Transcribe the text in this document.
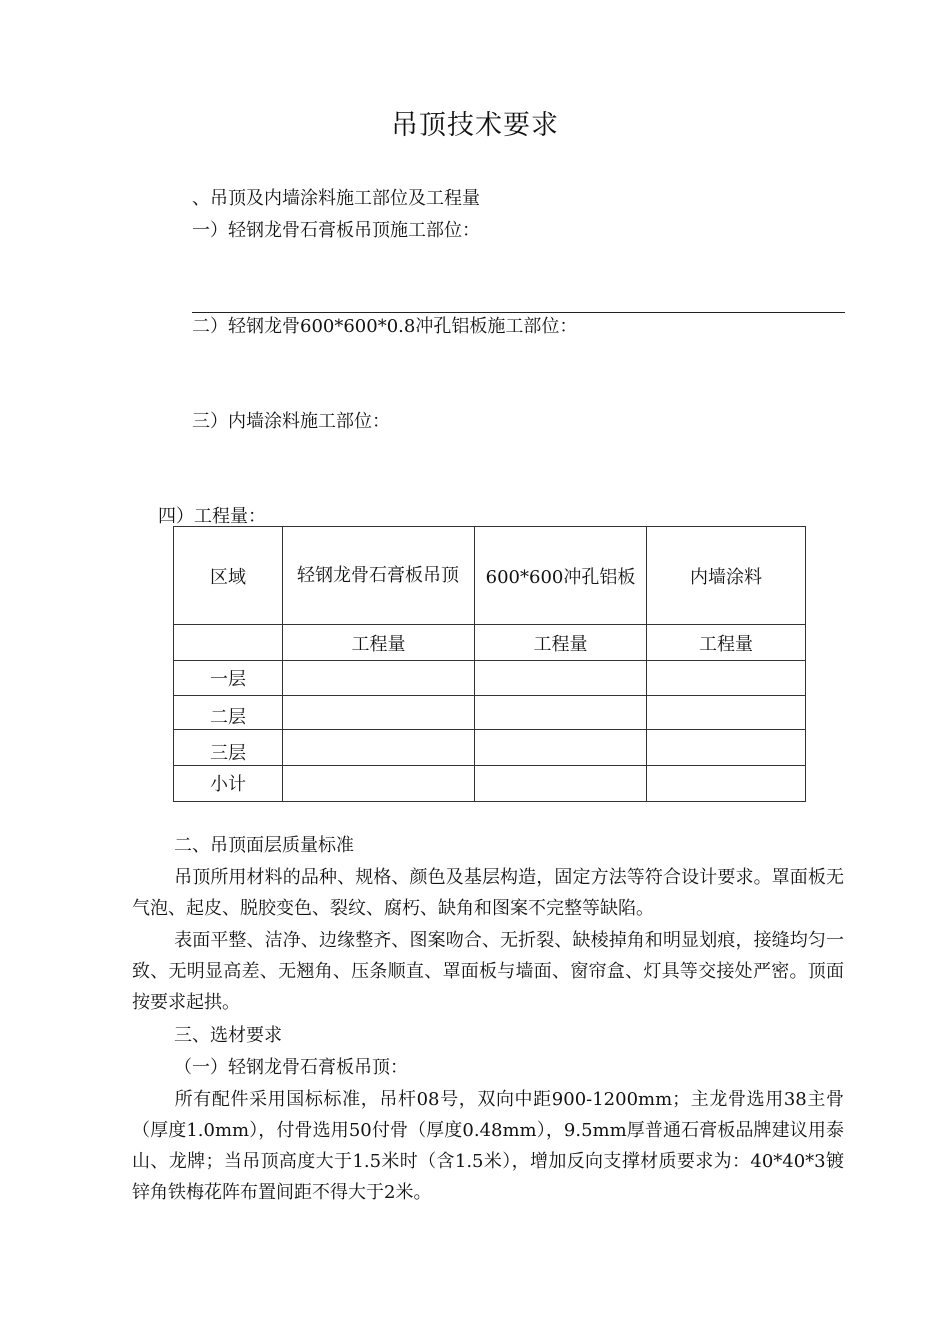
吊顶技术要求
、吊顶及内墙涂料施工部位及工程量
一）轻钢龙骨石膏板吊顶施工部位：
二）轻钢龙骨600*600*0.8冲孔铝板施工部位：
三）内墙涂料施工部位：
四）工程量：
区域	轻钢龙骨石膏板吊顶	600*600冲孔铝板	内墙涂料
	工程量	工程量	工程量
一层			
二层			
三层			
小计			
二、吊顶面层质量标准
吊顶所用材料的品种、规格、颜色及基层构造，固定方法等符合设计要求。罩面板无气泡、起皮、脱胶变色、裂纹、腐朽、缺角和图案不完整等缺陷。
表面平整、洁净、边缘整齐、图案吻合、无折裂、缺棱掉角和明显划痕，接缝均匀一致、无明显高差、无翘角、压条顺直、罩面板与墙面、窗帘盒、灯具等交接处严密。顶面按要求起拱。
三、选材要求
（一）轻钢龙骨石膏板吊顶：
所有配件采用国标标准，吊杆08号，双向中距900-1200mm；主龙骨选用38主骨（厚度1.0mm），付骨选用50付骨（厚度0.48mm），9.5mm厚普通石膏板品牌建议用泰山、龙牌；当吊顶高度大于1.5米时（含1.5米），增加反向支撑材质要求为：40*40*3镀锌角铁梅花阵布置间距不得大于2米。
